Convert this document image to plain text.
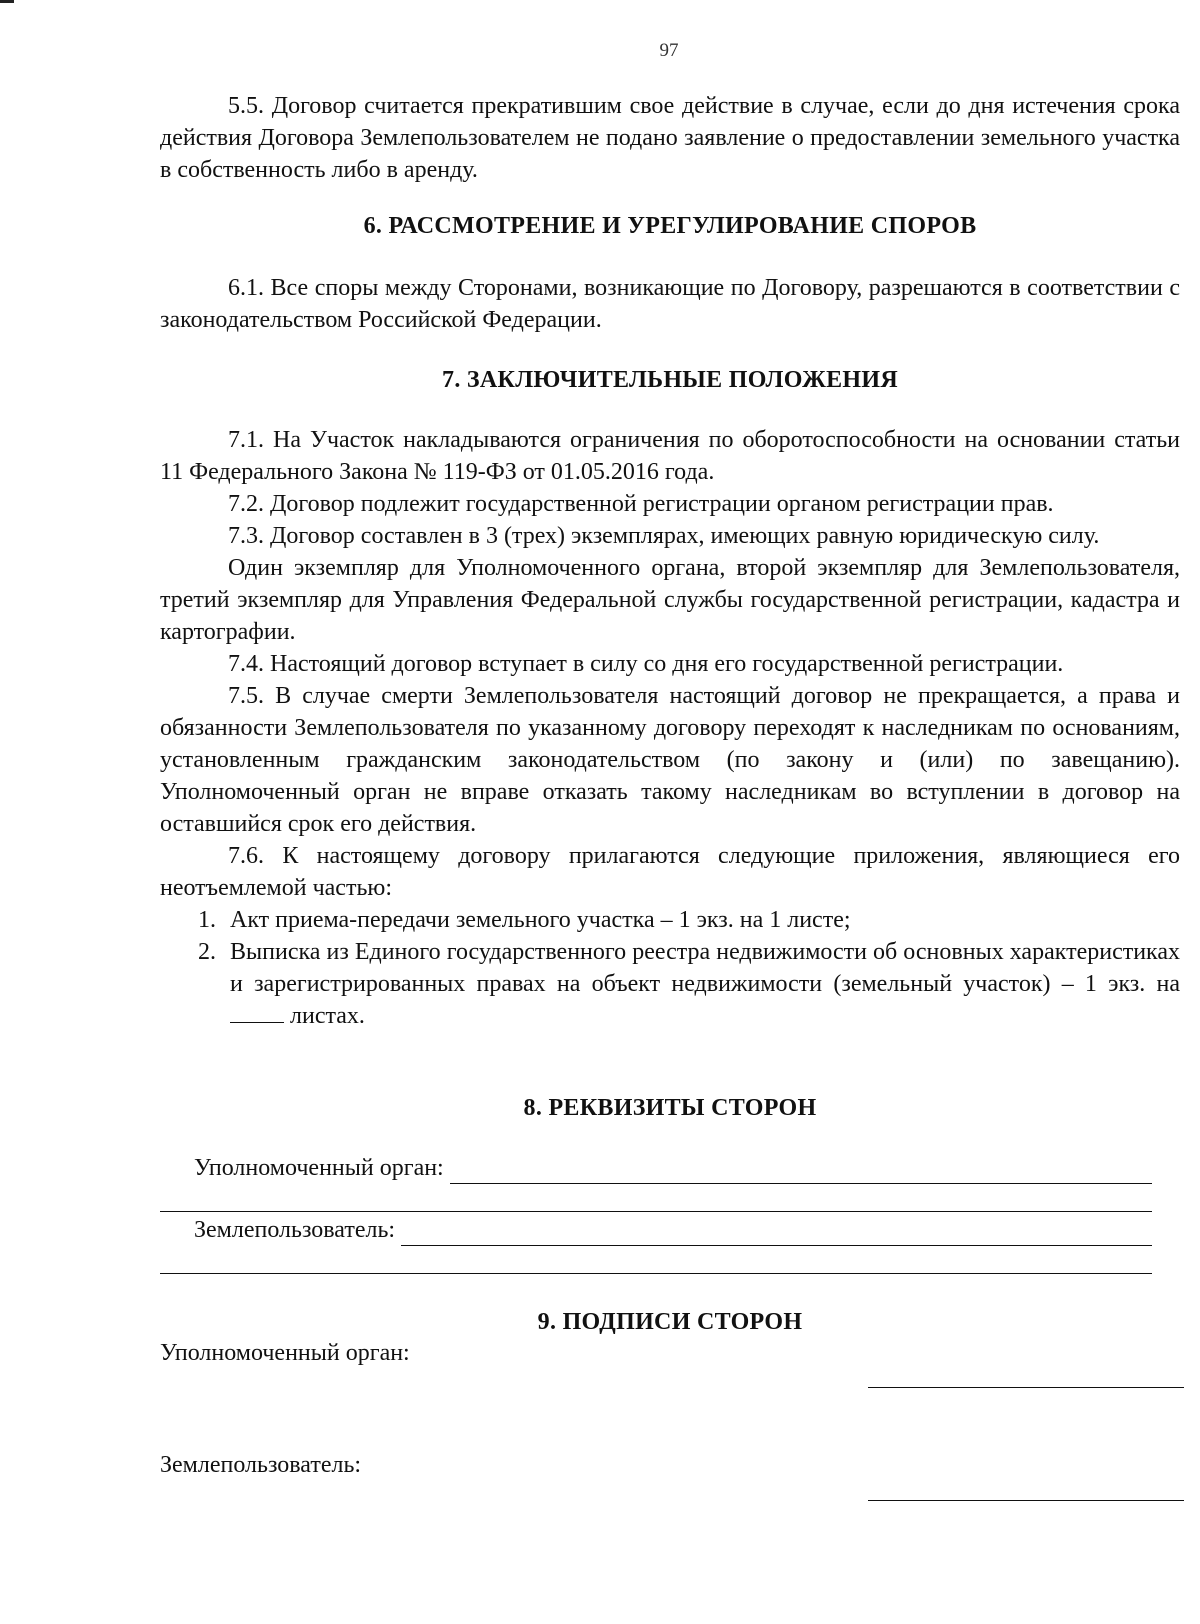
97

5.5. Договор считается прекратившим свое действие в случае, если до дня истечения срока действия Договора Землепользователем не подано заявление о предоставлении земельного участка в собственность либо в аренду.

6. РАССМОТРЕНИЕ И УРЕГУЛИРОВАНИЕ СПОРОВ

6.1. Все споры между Сторонами, возникающие по Договору, разрешаются в соответствии с законодательством Российской Федерации.

7. ЗАКЛЮЧИТЕЛЬНЫЕ ПОЛОЖЕНИЯ

7.1. На Участок накладываются ограничения по оборотоспособности на основании статьи 11 Федерального Закона № 119-ФЗ от 01.05.2016 года.

7.2. Договор подлежит государственной регистрации органом регистрации прав.

7.3. Договор составлен в 3 (трех) экземплярах, имеющих равную юридическую силу.

Один экземпляр для Уполномоченного органа, второй экземпляр для Землепользователя, третий экземпляр для Управления Федеральной службы государственной регистрации, кадастра и картографии.

7.4. Настоящий договор вступает в силу со дня его государственной регистрации.

7.5. В случае смерти Землепользователя настоящий договор не прекращается, а права и обязанности Землепользователя по указанному договору переходят к наследникам по основаниям, установленным гражданским законодательством (по закону и (или) по завещанию). Уполномоченный орган не вправе отказать такому наследникам во вступлении в договор на оставшийся срок его действия.

7.6. К настоящему договору прилагаются следующие приложения, являющиеся его неотъемлемой частью:

1. Акт приема-передачи земельного участка – 1 экз. на 1 листе;
2. Выписка из Единого государственного реестра недвижимости об основных характеристиках и зарегистрированных правах на объект недвижимости (земельный участок) – 1 экз. на  листах.
8. РЕКВИЗИТЫ СТОРОН
Уполномоченный орган:
Землепользователь:
9. ПОДПИСИ СТОРОН
Уполномоченный орган:
Землепользователь:
